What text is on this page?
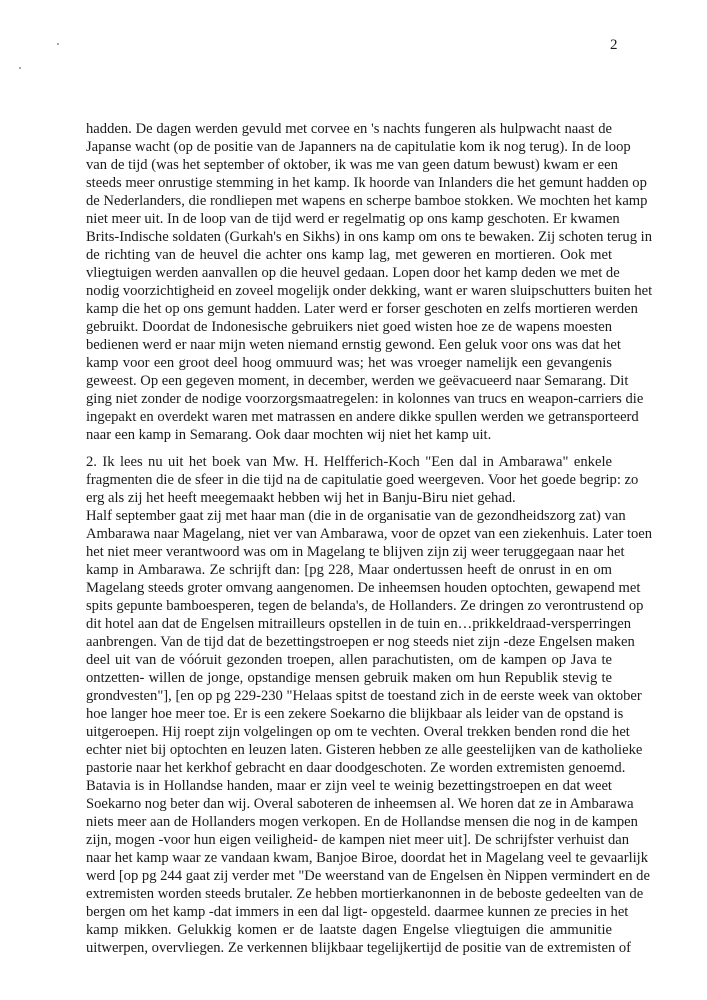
2
hadden. De dagen werden gevuld met corvee en 's nachts fungeren als hulpwacht naast de
Japanse wacht (op de positie van de Japanners na de capitulatie kom ik nog terug). In de loop
van de tijd (was het september of oktober, ik was me van geen datum bewust) kwam er een
steeds meer onrustige stemming in het kamp. Ik hoorde van Inlanders die het gemunt hadden op
de Nederlanders, die rondliepen met wapens en scherpe bamboe stokken. We mochten het kamp
niet meer uit. In de loop van de tijd werd er regelmatig op ons kamp geschoten. Er kwamen
Brits-Indische soldaten (Gurkah's en Sikhs) in ons kamp om ons te bewaken. Zij schoten terug in
de richting van de heuvel die achter ons kamp lag, met geweren en mortieren. Ook met
vliegtuigen werden aanvallen op die heuvel gedaan. Lopen door het kamp deden we met de
nodig voorzichtigheid en zoveel mogelijk onder dekking, want er waren sluipschutters buiten het
kamp die het op ons gemunt hadden. Later werd er forser geschoten en zelfs mortieren werden
gebruikt. Doordat de Indonesische gebruikers niet goed wisten hoe ze de wapens moesten
bedienen werd er naar mijn weten niemand ernstig gewond. Een geluk voor ons was dat het
kamp voor een groot deel hoog ommuurd was; het was vroeger namelijk een gevangenis
geweest. Op een gegeven moment, in december, werden we geëvacueerd naar Semarang. Dit
ging niet zonder de nodige voorzorgsmaatregelen: in kolonnes van trucs en weapon-carriers die
ingepakt en overdekt waren met matrassen en andere dikke spullen werden we getransporteerd
naar een kamp in Semarang. Ook daar mochten wij niet het kamp uit.
2. Ik lees nu uit het boek van Mw. H. Helfferich-Koch "Een dal in Ambarawa" enkele
fragmenten die de sfeer in die tijd na de capitulatie goed weergeven. Voor het goede begrip: zo
erg als zij het heeft meegemaakt hebben wij het in Banju-Biru niet gehad.
Half september gaat zij met haar man (die in de organisatie van de gezondheidszorg zat) van
Ambarawa naar Magelang, niet ver van Ambarawa, voor de opzet van een ziekenhuis. Later toen
het niet meer verantwoord was om in Magelang te blijven zijn zij weer teruggegaan naar het
kamp in Ambarawa. Ze schrijft dan: [pg 228, Maar ondertussen heeft de onrust in en om
Magelang steeds groter omvang aangenomen. De inheemsen houden optochten, gewapend met
spits gepunte bamboesperen, tegen de belanda's, de Hollanders. Ze dringen zo verontrustend op
dit hotel aan dat de Engelsen mitrailleurs opstellen in de tuin en…prikkeldraad-versperringen
aanbrengen. Van de tijd dat de bezettingstroepen er nog steeds niet zijn -deze Engelsen maken
deel uit van de vóóruit gezonden troepen, allen parachutisten, om de kampen op Java te
ontzetten- willen de jonge, opstandige mensen gebruik maken om hun Republik stevig te
grondvesten"], [en op pg 229-230 "Helaas spitst de toestand zich in de eerste week van oktober
hoe langer hoe meer toe. Er is een zekere Soekarno die blijkbaar als leider van de opstand is
uitgeroepen. Hij roept zijn volgelingen op om te vechten. Overal trekken benden rond die het
echter niet bij optochten en leuzen laten. Gisteren hebben ze alle geestelijken van de katholieke
pastorie naar het kerkhof gebracht en daar doodgeschoten. Ze worden extremisten genoemd.
Batavia is in Hollandse handen, maar er zijn veel te weinig bezettingstroepen en dat weet
Soekarno nog beter dan wij. Overal saboteren de inheemsen al. We horen dat ze in Ambarawa
niets meer aan de Hollanders mogen verkopen. En de Hollandse mensen die nog in de kampen
zijn, mogen -voor hun eigen veiligheid- de kampen niet meer uit]. De schrijfster verhuist dan
naar het kamp waar ze vandaan kwam, Banjoe Biroe, doordat het in Magelang veel te gevaarlijk
werd [op pg 244 gaat zij verder met "De weerstand van de Engelsen èn Nippen vermindert en de
extremisten worden steeds brutaler. Ze hebben mortierkanonnen in de beboste gedeelten van de
bergen om het kamp -dat immers in een dal ligt- opgesteld. daarmee kunnen ze precies in het
kamp mikken. Gelukkig komen er de laatste dagen Engelse vliegtuigen die ammunitie
uitwerpen, overvliegen. Ze verkennen blijkbaar tegelijkertijd de positie van de extremisten of
